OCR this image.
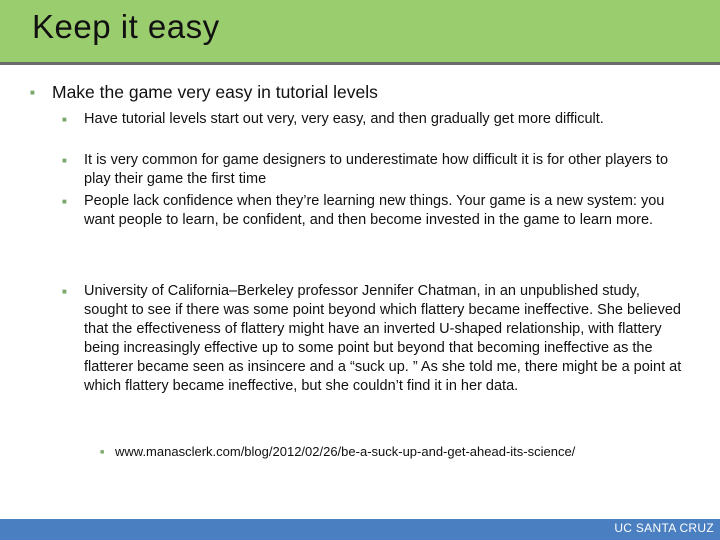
Keep it easy
■ Make the game very easy in tutorial levels
■ Have tutorial levels start out very, very easy, and then gradually get more difficult.
■ It is very common for game designers to underestimate how difficult it is for other players to play their game the first time
■ People lack confidence when they’re learning new things. Your game is a new system: you want people to learn, be confident, and then become invested in the game to learn more.
■ University of California–Berkeley professor Jennifer Chatman, in an unpublished study, sought to see if there was some point beyond which flattery became ineffective. She believed that the effectiveness of flattery might have an inverted U-shaped relationship, with flattery being increasingly effective up to some point but beyond that becoming ineffective as the flatterer became seen as insincere and a “suck up. ” As she told me, there might be a point at which flattery became ineffective, but she couldn’t find it in her data.
■ www.manasclerk.com/blog/2012/02/26/be-a-suck-up-and-get-ahead-its-science/
UC SANTA CRUZ
